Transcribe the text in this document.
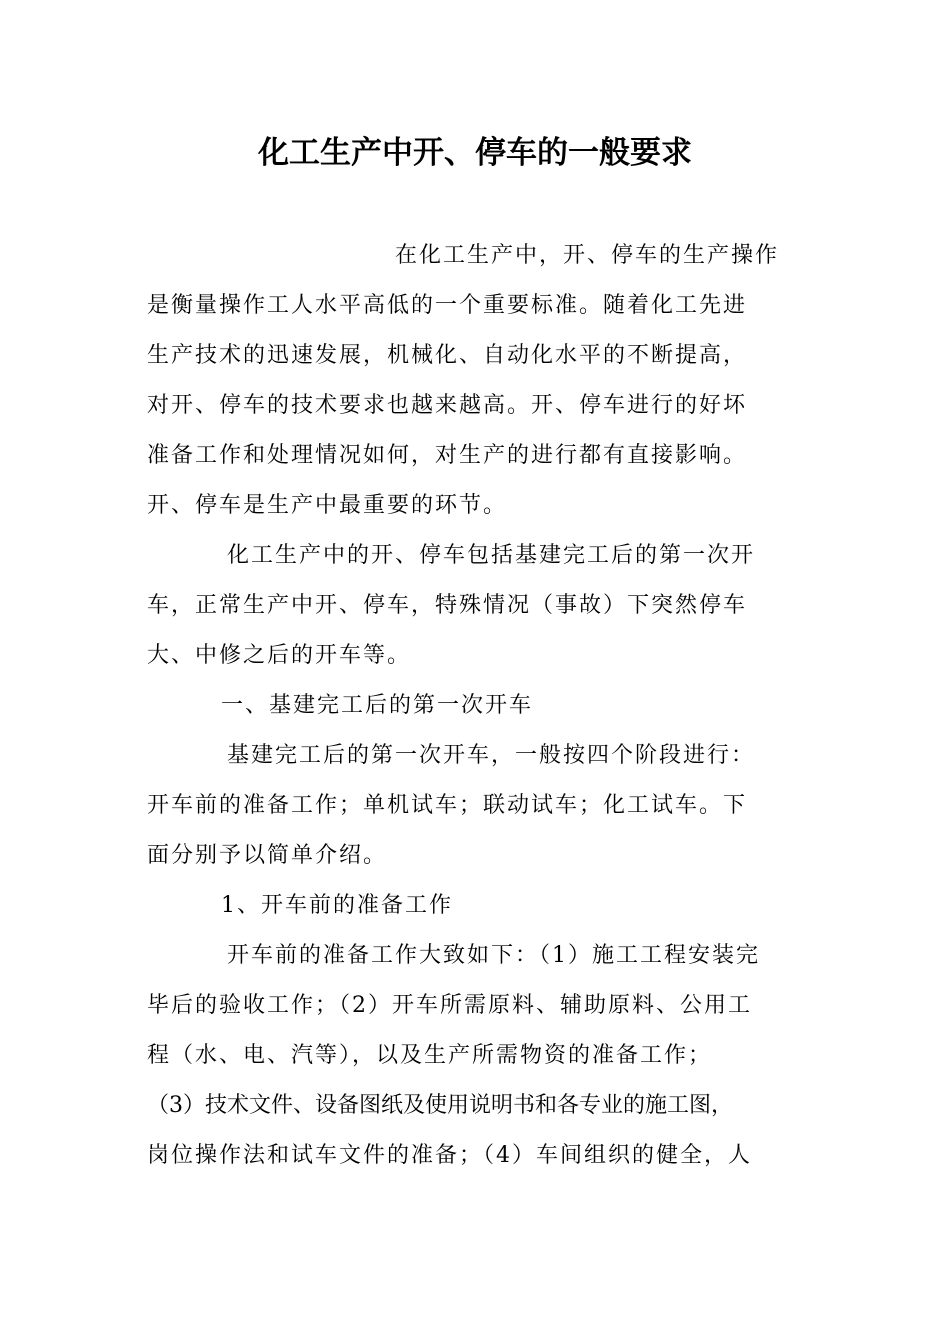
化工生产中开、停车的一般要求
在化工生产中，开、停车的生产操作
是衡量操作工人水平高低的一个重要标准。随着化工先进
生产技术的迅速发展，机械化、自动化水平的不断提高，
对开、停车的技术要求也越来越高。开、停车进行的好坏
准备工作和处理情况如何，对生产的进行都有直接影响。
开、停车是生产中最重要的环节。
化工生产中的开、停车包括基建完工后的第一次开
车，正常生产中开、停车，特殊情况（事故）下突然停车
大、中修之后的开车等。
一、基建完工后的第一次开车
基建完工后的第一次开车，一般按四个阶段进行：
开车前的准备工作；单机试车；联动试车；化工试车。下
面分别予以简单介绍。
1、开车前的准备工作
开车前的准备工作大致如下：（1）施工工程安装完
毕后的验收工作；（2）开车所需原料、辅助原料、公用工
程（水、电、汽等），以及生产所需物资的准备工作；
（3）技术文件、设备图纸及使用说明书和各专业的施工图，
岗位操作法和试车文件的准备；（4）车间组织的健全，人
